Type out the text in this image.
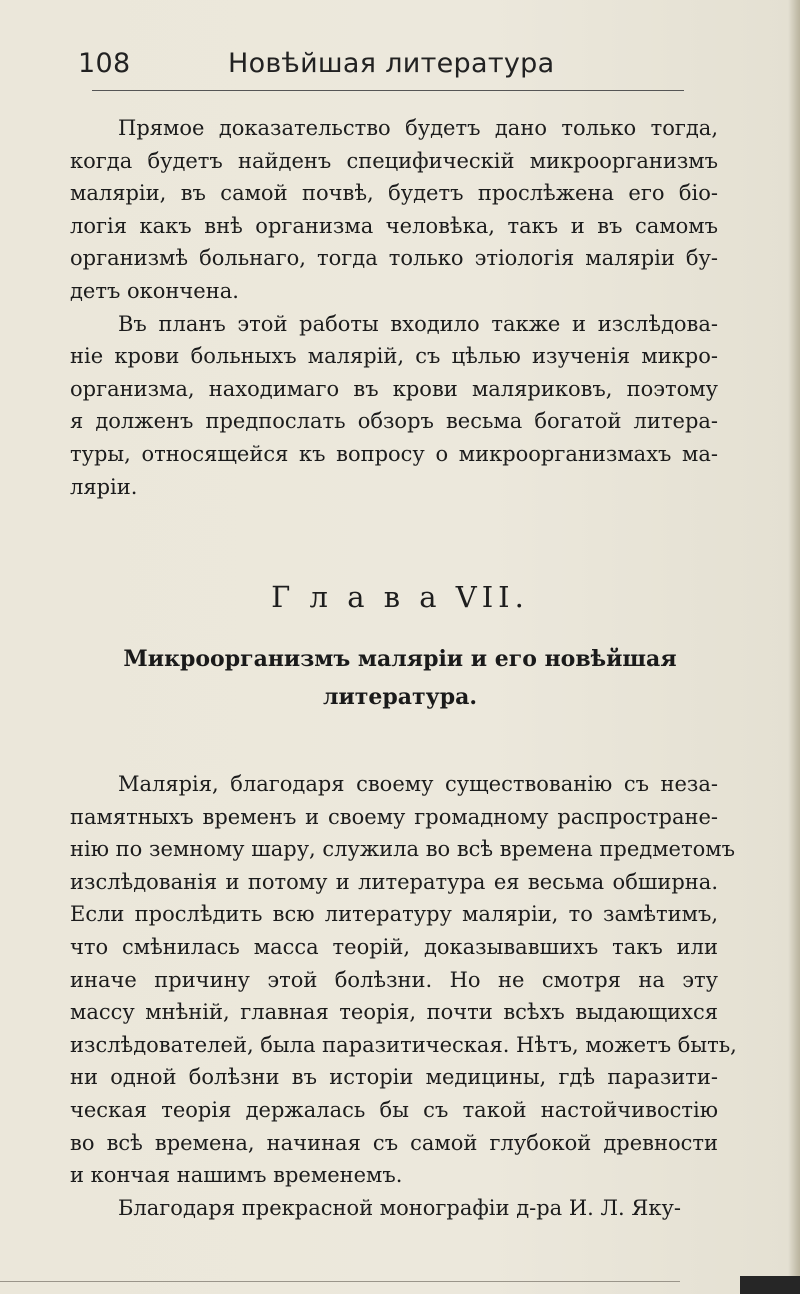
108	Новѣйшая литература
Прямое доказательство будетъ дано только тогда,
когда будетъ найденъ специфическій микроорганизмъ
маляріи, въ самой почвѣ, будетъ прослѣжена его біо-
логія какъ внѣ организма человѣка, такъ и въ самомъ
организмѣ больнаго, тогда только этіологія маляріи бу-
детъ окончена.
Въ планъ этой работы входило также и изслѣдова-
ніе крови больныхъ малярій, съ цѣлью изученія микро-
организма, находимаго въ крови маляриковъ, поэтому
я долженъ предпослать обзоръ весьма богатой литера-
туры, относящейся къ вопросу о микроорганизмахъ ма-
ляріи.
Г л а в а VII.
Микроорганизмъ маляріи и его новѣйшая
литература.
Малярія, благодаря своему существованію съ неза-
памятныхъ временъ и своему громадному распростране-
нію по земному шару, служила во всѣ времена предметомъ
изслѣдованія и потому и литература ея весьма обширна.
Если прослѣдить всю литературу маляріи, то замѣтимъ,
что смѣнилась масса теорій, доказывавшихъ такъ или
иначе причину этой болѣзни. Но не смотря на эту
массу мнѣній, главная теорія, почти всѣхъ выдающихся
изслѣдователей, была паразитическая. Нѣтъ, можетъ быть,
ни одной болѣзни въ исторіи медицины, гдѣ паразити-
ческая теорія держалась бы съ такой настойчивостію
во всѣ времена, начиная съ самой глубокой древности
и кончая нашимъ временемъ.
Благодаря прекрасной монографіи д-ра И. Л. Яку-
